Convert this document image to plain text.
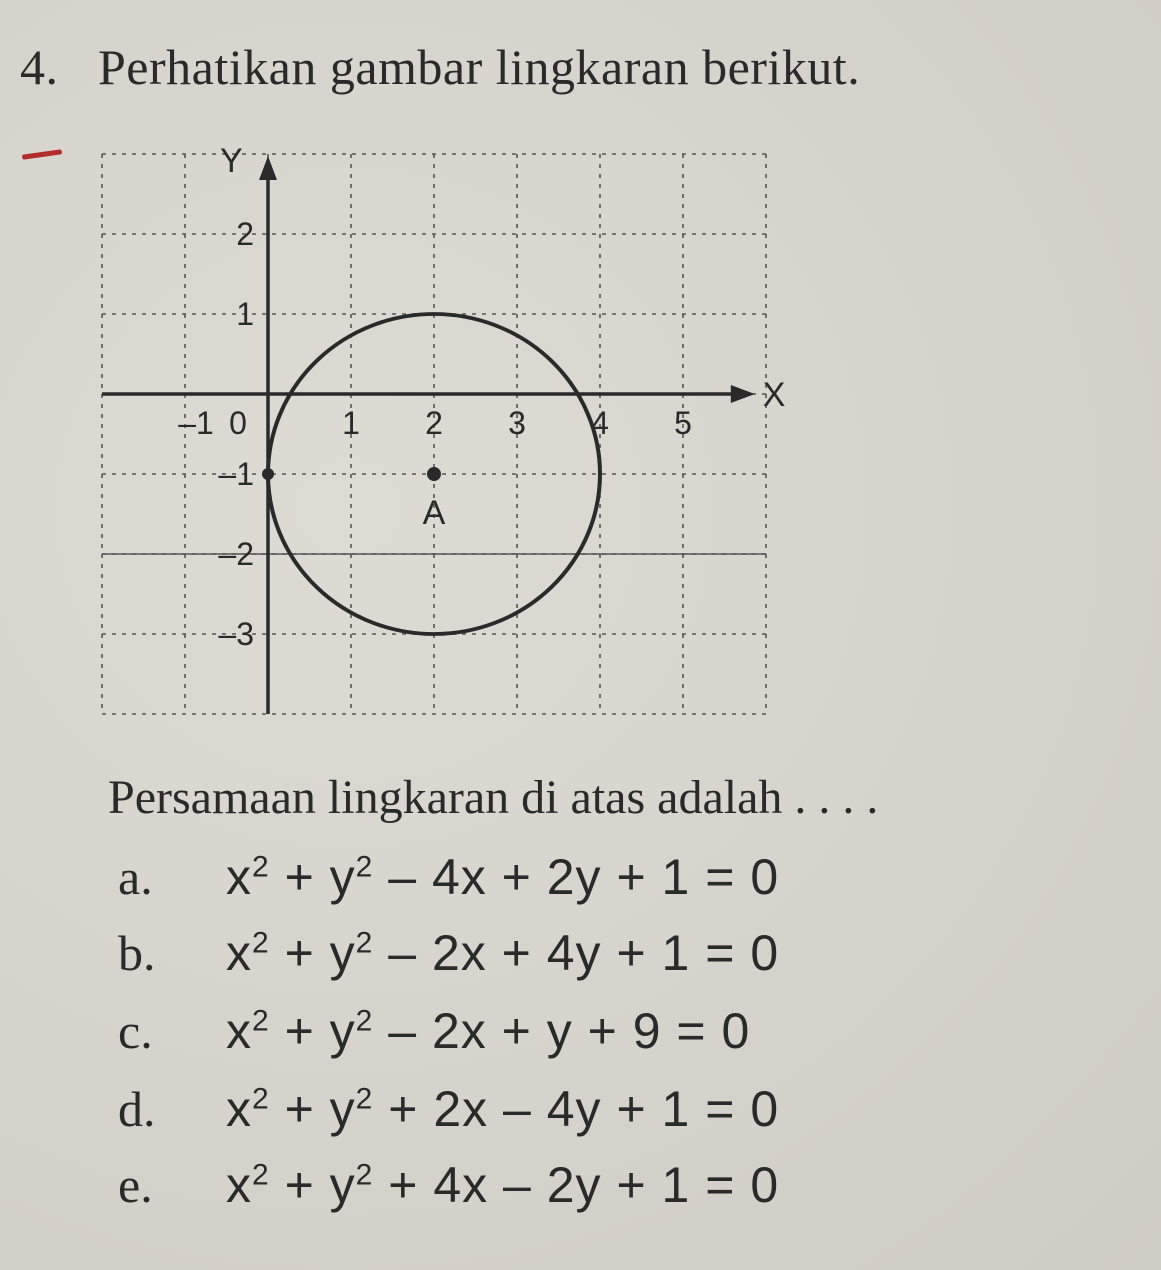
4. Perhatikan gambar lingkaran berikut.
–1 0	1 2 3 4 5
2
1
–1
–2
–3
A
X
Y
Persamaan lingkaran di atas adalah . . . .
a. $x^2 + y^2 - 4x + 2y + 1 = 0$
b. $x^2 + y^2 - 2x + 4y + 1 = 0$
c. $x^2 + y^2 - 2x + y + 9 = 0$
d. $x^2 + y^2 + 2x - 4y + 1 = 0$
e. $x^2 + y^2 + 4x - 2y + 1 = 0$
